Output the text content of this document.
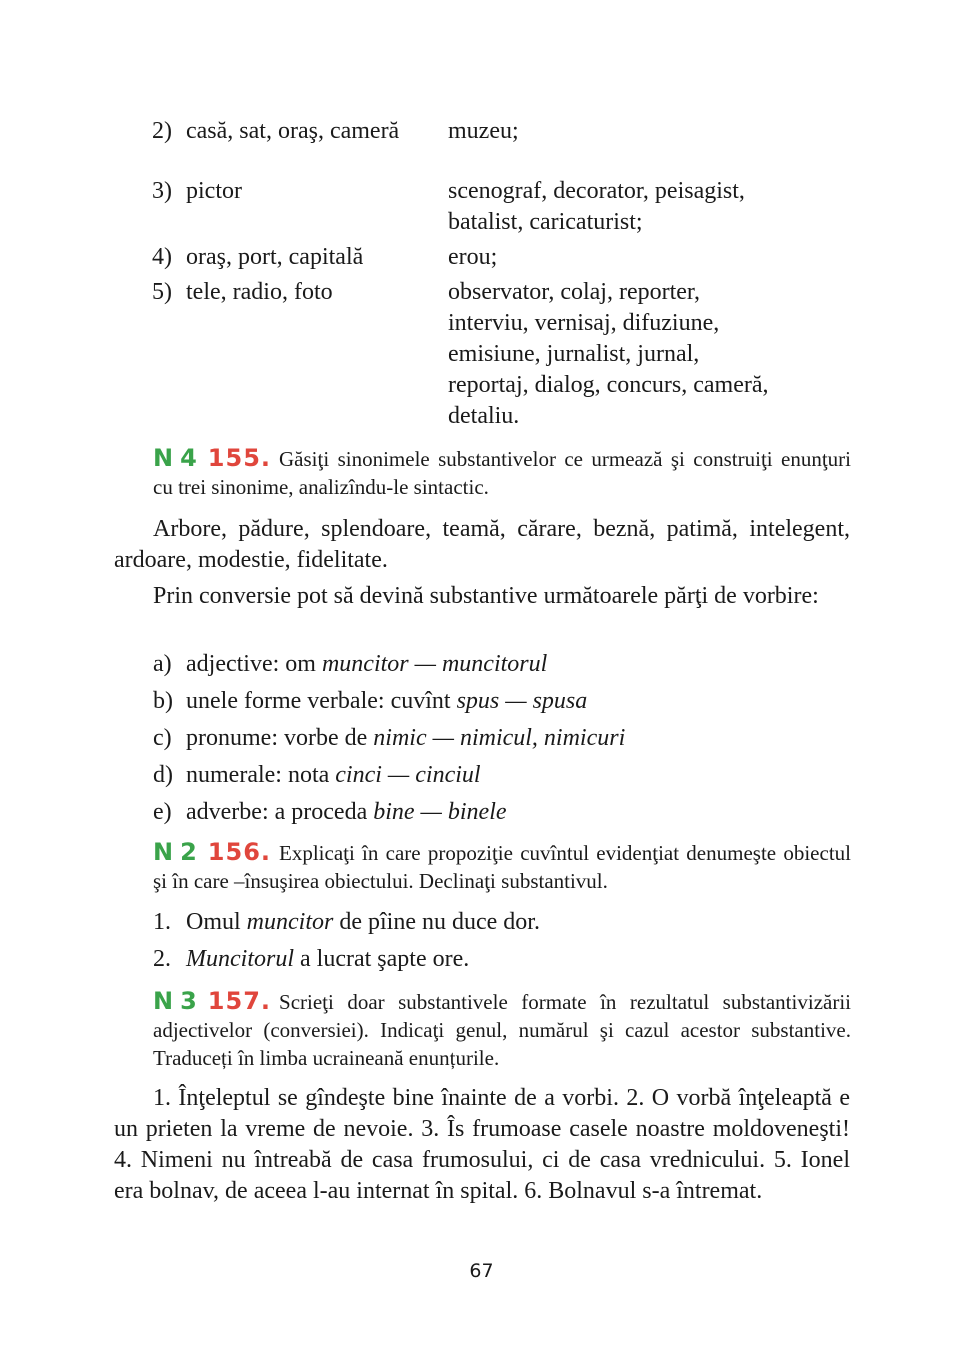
2) casă, sat, oraş, cameră	muzeu;
3) pictor	scenograf, decorator, peisagist,
batalist, caricaturist;
4) oraş, port, capitală	erou;
5) tele, radio, foto	observator, colaj, reporter,
interviu, vernisaj, difuziune,
emisiune, jurnalist, jurnal,
reportaj, dialog, concurs, cameră,
detaliu.
N 4 155. Găsiţi sinonimele substantivelor ce urmează şi construiţi enunţuri cu trei sinonime, analizîndu-le sintactic.
Arbore, pădure, splendoare, teamă, cărare, beznă, patimă, intelegent, ardoare, modestie, fidelitate.
Prin conversie pot să devină substantive următoarele părţi de vorbire:
a) adjective: om muncitor — muncitorul
b) unele forme verbale: cuvînt spus — spusa
c) pronume: vorbe de nimic — nimicul, nimicuri
d) numerale: nota cinci — cinciul
e) adverbe: a proceda bine — binele
N 2 156. Explicaţi în care propoziţie cuvîntul evidenţiat denumeşte obiectul şi în care –însuşirea obiectului. Declinaţi substantivul.
1. Omul muncitor de pîine nu duce dor.
2. Muncitorul a lucrat şapte ore.
N 3 157. Scrieţi doar substantivele formate în rezultatul substantivizării adjectivelor (conversiei). Indicaţi genul, numărul şi cazul acestor substantive. Traduceți în limba ucraineană enunțurile.
1. Înţeleptul se gîndeşte bine înainte de a vorbi. 2. O vorbă înţeleaptă e un prieten la vreme de nevoie. 3. Îs frumoase casele noastre moldoveneşti! 4. Nimeni nu întreabă de casa frumosului, ci de casa vrednicului. 5. Ionel era bolnav, de aceea l-au internat în spital. 6. Bolnavul s-a întremat.
67
